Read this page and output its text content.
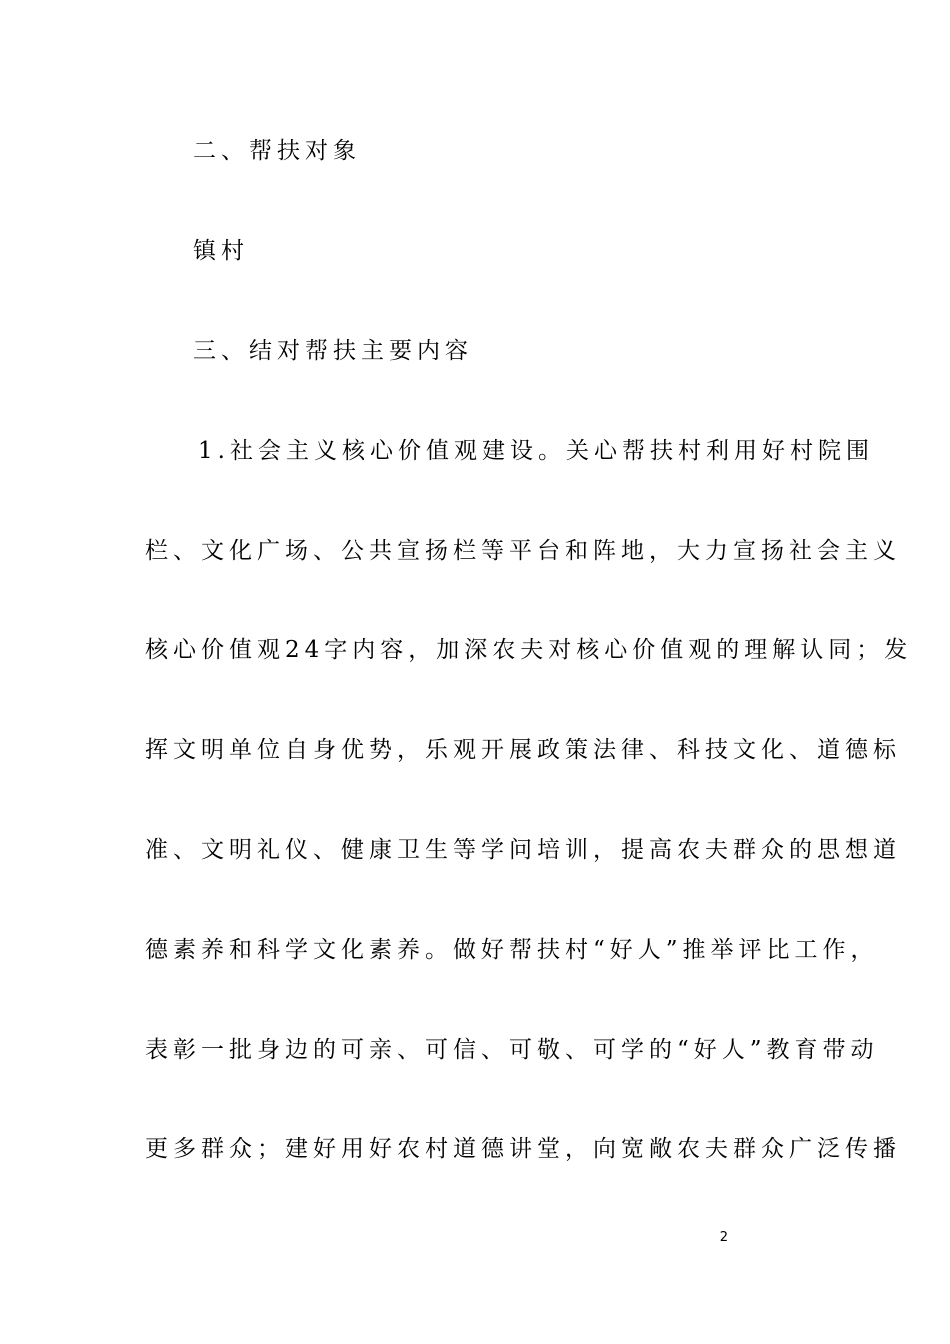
二、帮扶对象
镇村
三、结对帮扶主要内容
1.社会主义核心价值观建设。关心帮扶村利用好村院围
栏、文化广场、公共宣扬栏等平台和阵地，大力宣扬社会主义
核心价值观24字内容，加深农夫对核心价值观的理解认同；发
挥文明单位自身优势，乐观开展政策法律、科技文化、道德标
准、文明礼仪、健康卫生等学问培训，提高农夫群众的思想道
德素养和科学文化素养。做好帮扶村“好人”推举评比工作，
表彰一批身边的可亲、可信、可敬、可学的“好人”教育带动
更多群众；建好用好农村道德讲堂，向宽敞农夫群众广泛传播
2
